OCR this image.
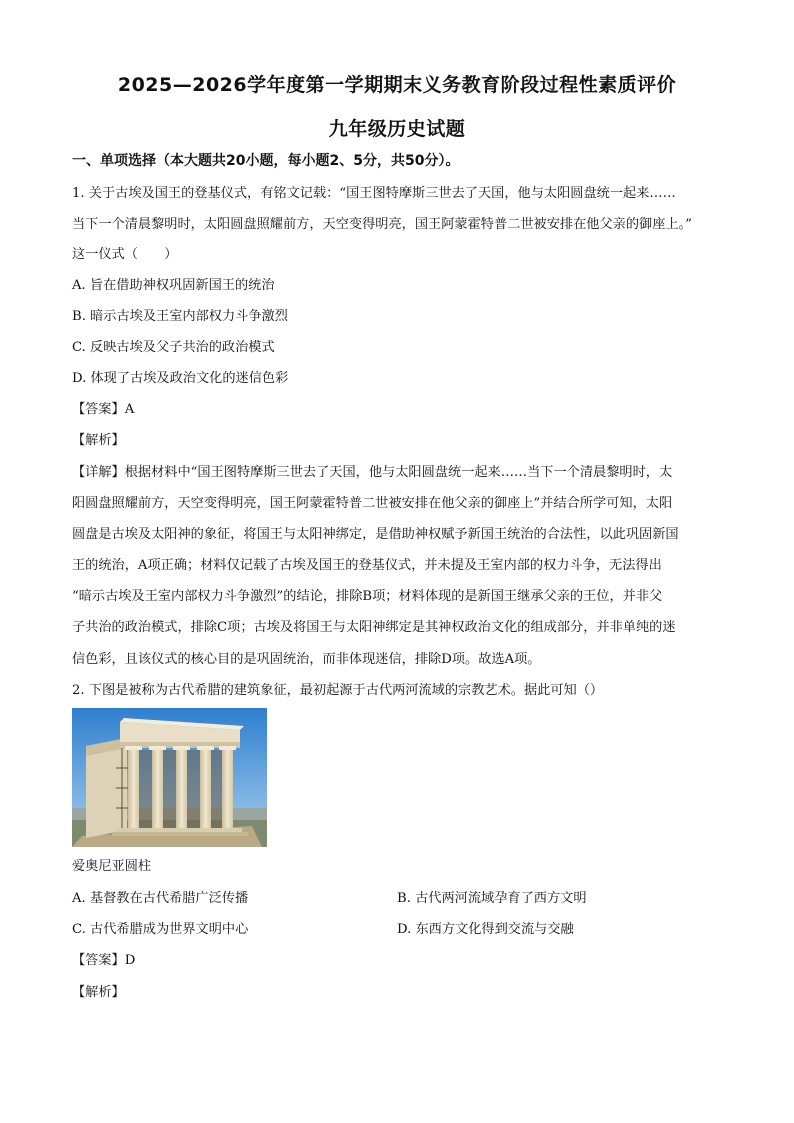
2025—2026学年度第一学期期末义务教育阶段过程性素质评价
九年级历史试题
一、单项选择（本大题共20小题，每小题2、5分，共50分）。
1. 关于古埃及国王的登基仪式，有铭文记载：“国王图特摩斯三世去了天国，他与太阳圆盘统一起来……
当下一个清晨黎明时，太阳圆盘照耀前方，天空变得明亮，国王阿蒙霍特普二世被安排在他父亲的御座上。”
这一仪式（　　）
A. 旨在借助神权巩固新国王的统治
B. 暗示古埃及王室内部权力斗争激烈
C. 反映古埃及父子共治的政治模式
D. 体现了古埃及政治文化的迷信色彩
【答案】A
【解析】
【详解】根据材料中“国王图特摩斯三世去了天国，他与太阳圆盘统一起来……当下一个清晨黎明时，太
阳圆盘照耀前方，天空变得明亮，国王阿蒙霍特普二世被安排在他父亲的御座上”并结合所学可知，太阳
圆盘是古埃及太阳神的象征，将国王与太阳神绑定，是借助神权赋予新国王统治的合法性，以此巩固新国
王的统治，A项正确；材料仅记载了古埃及国王的登基仪式，并未提及王室内部的权力斗争，无法得出
“暗示古埃及王室内部权力斗争激烈”的结论，排除B项；材料体现的是新国王继承父亲的王位，并非父
子共治的政治模式，排除C项；古埃及将国王与太阳神绑定是其神权政治文化的组成部分，并非单纯的迷
信色彩，且该仪式的核心目的是巩固统治，而非体现迷信，排除D项。故选A项。
2. 下图是被称为古代希腊的建筑象征，最初起源于古代两河流域的宗教艺术。据此可知（）
爱奥尼亚圆柱
A. 基督教在古代希腊广泛传播	B. 古代两河流域孕育了西方文明
C. 古代希腊成为世界文明中心	D. 东西方文化得到交流与交融
【答案】D
【解析】
